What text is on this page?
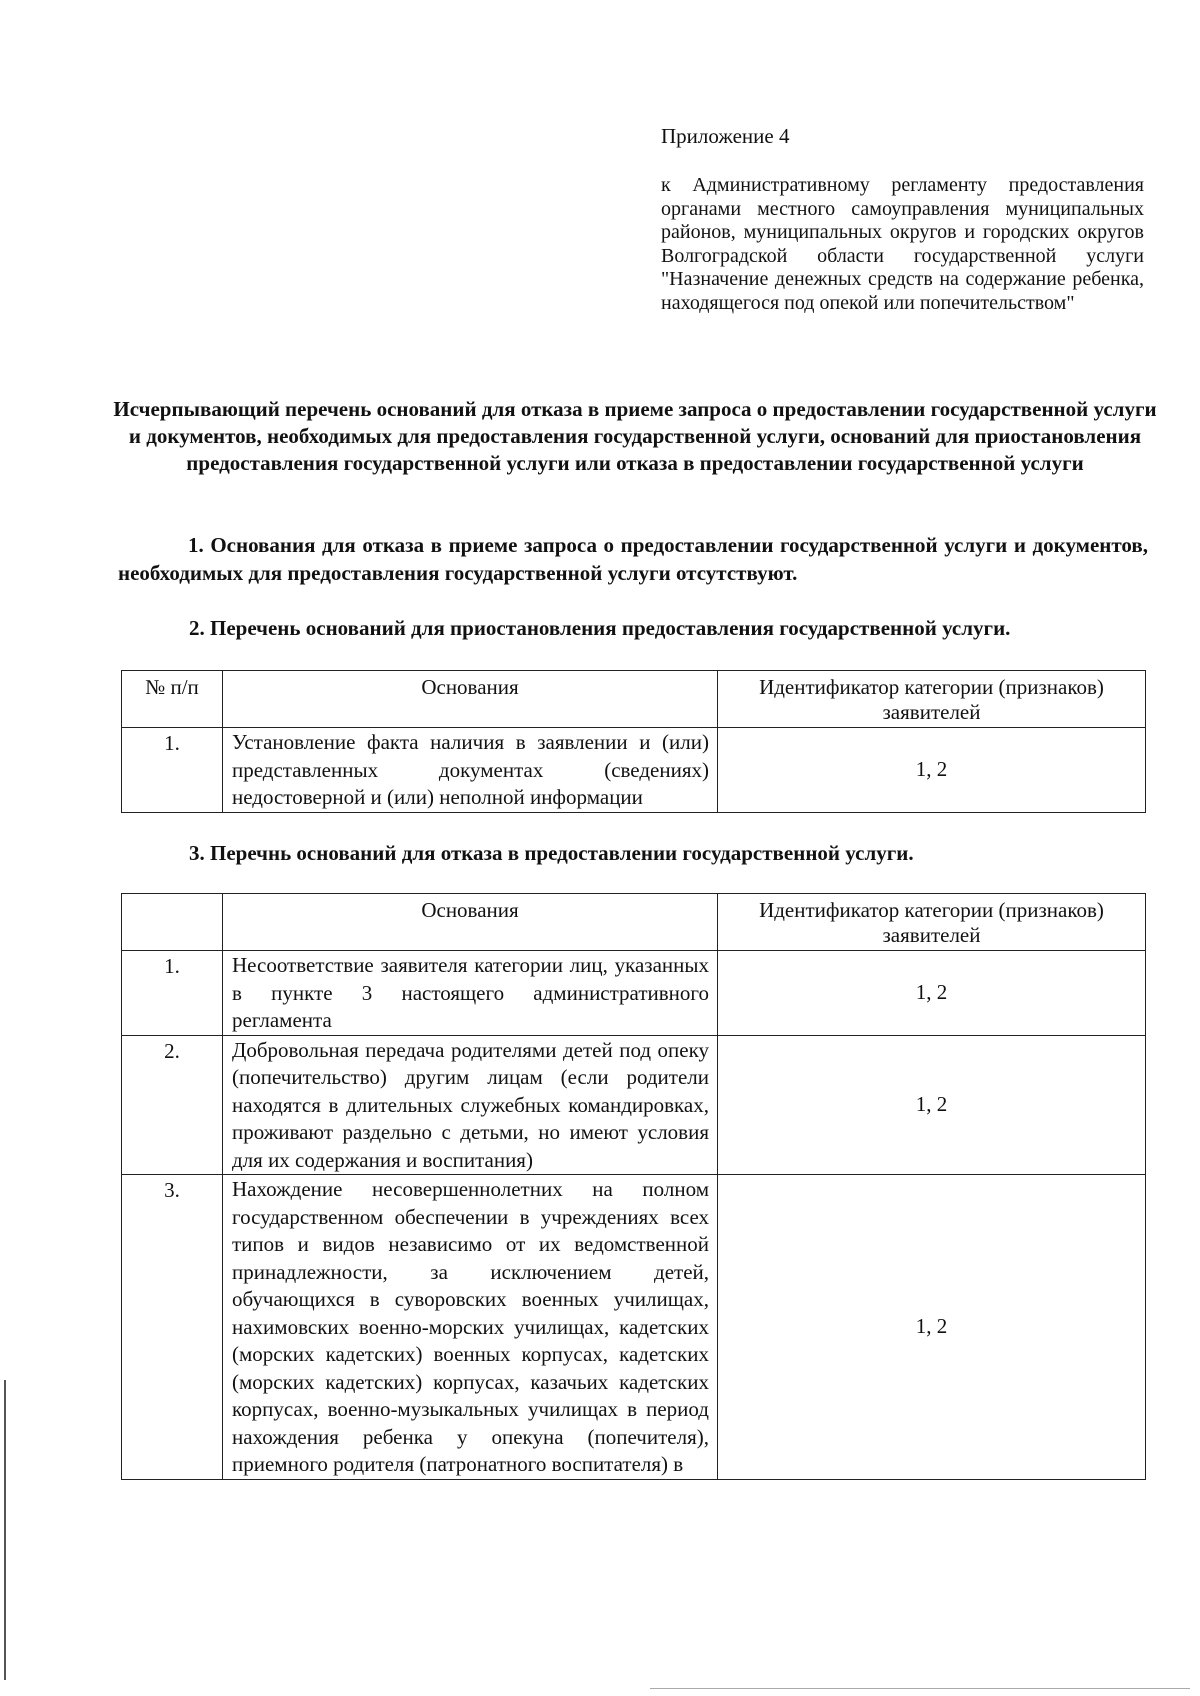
Приложение 4
к Административному регламенту предоставления органами местного самоуправления муниципальных районов, муниципальных округов и городских округов Волгоградской области государственной услуги "Назначение денежных средств на содержание ребенка, находящегося под опекой или попечительством"
Исчерпывающий перечень оснований для отказа в приеме запроса о предоставлении государственной услуги и документов, необходимых для предоставления государственной услуги, оснований для приостановления предоставления государственной услуги или отказа в предоставлении государственной услуги
1. Основания для отказа в приеме запроса о предоставлении государственной услуги и документов, необходимых для предоставления государственной услуги отсутствуют.
2. Перечень оснований для приостановления предоставления государственной услуги.
№ п/п	Основания	Идентификатор категории (признаков) заявителей
1.	Установление факта наличия в заявлении и (или) представленных документах (сведениях) недостоверной и (или) неполной информации	1, 2
3. Перечнь оснований для отказа в предоставлении государственной услуги.
	Основания	Идентификатор категории (признаков) заявителей
1.	Несоответствие заявителя категории лиц, указанных в пункте 3 настоящего административного регламента	1, 2
2.	Добровольная передача родителями детей под опеку (попечительство) другим лицам (если родители находятся в длительных служебных командировках, проживают раздельно с детьми, но имеют условия для их содержания и воспитания)	1, 2
3.	Нахождение несовершеннолетних на полном государственном обеспечении в учреждениях всех типов и видов независимо от их ведомственной принадлежности, за исключением детей, обучающихся в суворовских военных училищах, нахимовских военно-морских училищах, кадетских (морских кадетских) военных корпусах, кадетских (морских кадетских) корпусах, казачьих кадетских корпусах, военно-музыкальных училищах в период нахождения ребенка у опекуна (попечителя), приемного родителя (патронатного воспитателя) в	1, 2
